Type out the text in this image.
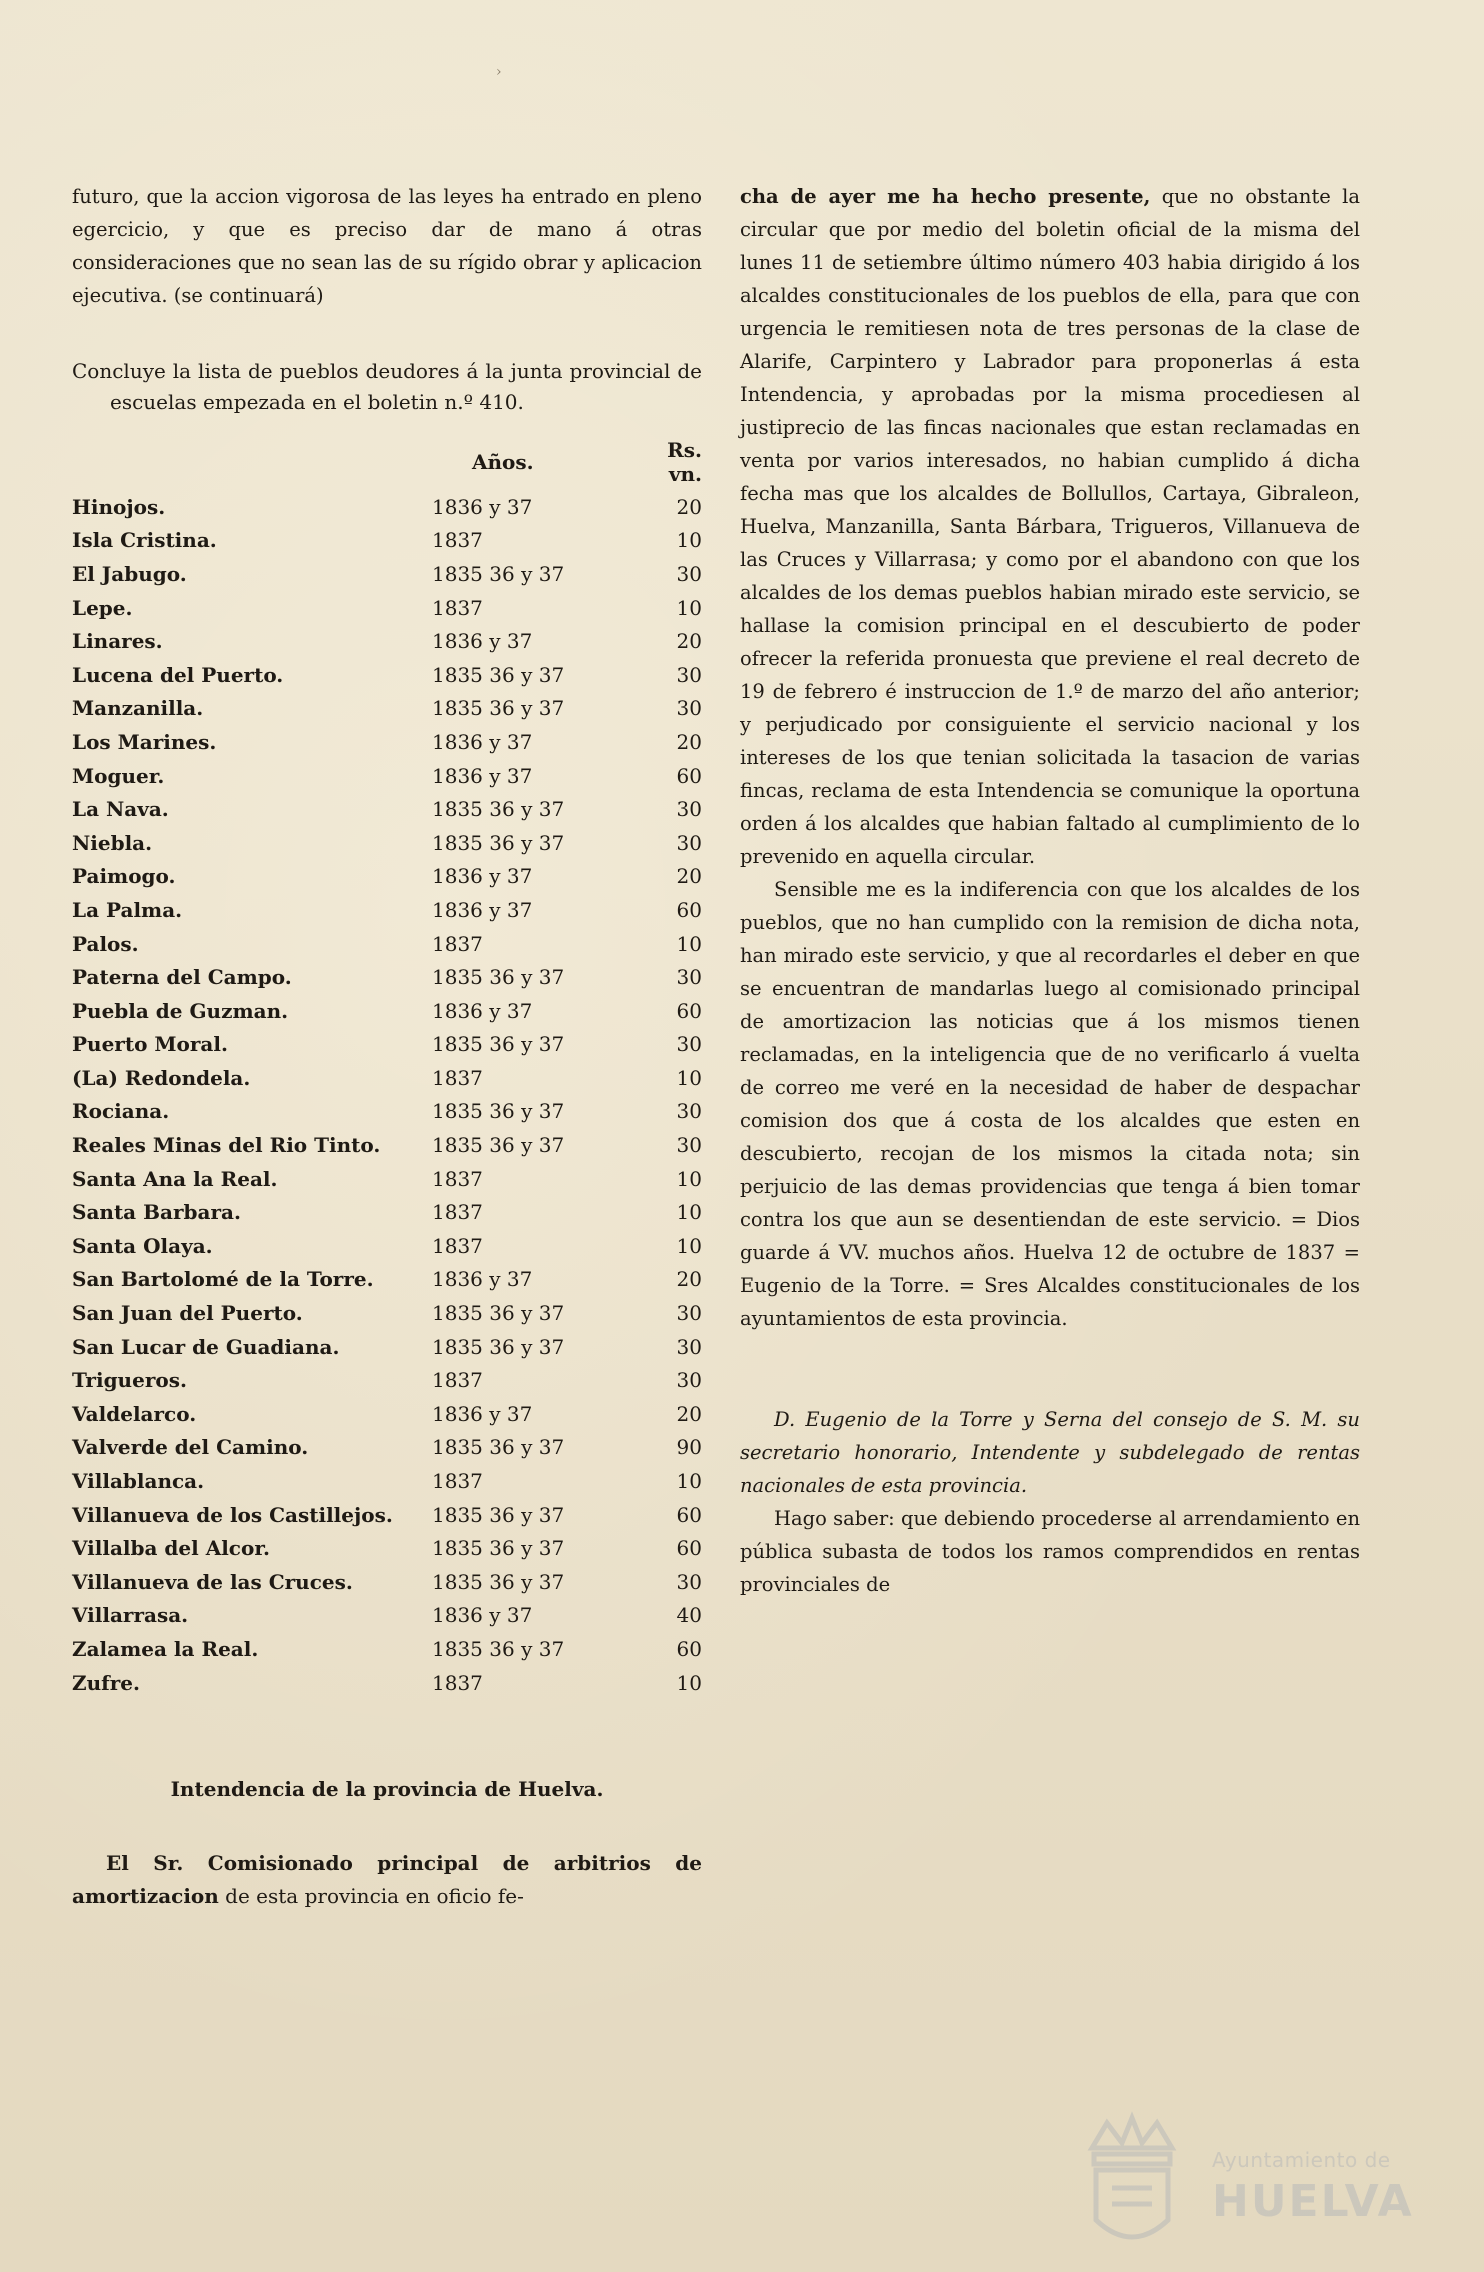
›

futuro, que la accion vigorosa de las leyes ha entrado en pleno egercicio, y que es preciso dar de mano á otras consideraciones que no sean las de su rígido obrar y aplicacion ejecutiva. (se continuará)

Concluye la lista de pueblos deudores á la junta provincial de escuelas empezada en el boletin n.º 410.

	Años.	Rs. vn.
Hinojos.	1836 y 37	20
Isla Cristina.	1837	10
El Jabugo.	1835 36 y 37	30
Lepe.	1837	10
Linares.	1836 y 37	20
Lucena del Puerto.	1835 36 y 37	30
Manzanilla.	1835 36 y 37	30
Los Marines.	1836 y 37	20
Moguer.	1836 y 37	60
La Nava.	1835 36 y 37	30
Niebla.	1835 36 y 37	30
Paimogo.	1836 y 37	20
La Palma.	1836 y 37	60
Palos.	1837	10
Paterna del Campo.	1835 36 y 37	30
Puebla de Guzman.	1836 y 37	60
Puerto Moral.	1835 36 y 37	30
(La) Redondela.	1837	10
Rociana.	1835 36 y 37	30
Reales Minas del Rio Tinto.	1835 36 y 37	30
Santa Ana la Real.	1837	10
Santa Barbara.	1837	10
Santa Olaya.	1837	10
San Bartolomé de la Torre.	1836 y 37	20
San Juan del Puerto.	1835 36 y 37	30
San Lucar de Guadiana.	1835 36 y 37	30
Trigueros.	1837	30
Valdelarco.	1836 y 37	20
Valverde del Camino.	1835 36 y 37	90
Villablanca.	1837	10
Villanueva de los Castillejos.	1835 36 y 37	60
Villalba del Alcor.	1835 36 y 37	60
Villanueva de las Cruces.	1835 36 y 37	30
Villarrasa.	1836 y 37	40
Zalamea la Real.	1835 36 y 37	60
Zufre.	1837	10

Intendencia de la provincia de Huelva.

El Sr. Comisionado principal de arbitrios de amortizacion de esta provincia en oficio fe-

cha de ayer me ha hecho presente, que no obstante la circular que por medio del boletin oficial de la misma del lunes 11 de setiembre último número 403 habia dirigido á los alcaldes constitucionales de los pueblos de ella, para que con urgencia le remitiesen nota de tres personas de la clase de Alarife, Carpintero y Labrador para proponerlas á esta Intendencia, y aprobadas por la misma procediesen al justiprecio de las fincas nacionales que estan reclamadas en venta por varios interesados, no habian cumplido á dicha fecha mas que los alcaldes de Bollullos, Cartaya, Gibraleon, Huelva, Manzanilla, Santa Bárbara, Trigueros, Villanueva de las Cruces y Villarrasa; y como por el abandono con que los alcaldes de los demas pueblos habian mirado este servicio, se hallase la comision principal en el descubierto de poder ofrecer la referida pronuesta que previene el real decreto de 19 de febrero é instruccion de 1.º de marzo del año anterior; y perjudicado por consiguiente el servicio nacional y los intereses de los que tenian solicitada la tasacion de varias fincas, reclama de esta Intendencia se comunique la oportuna orden á los alcaldes que habian faltado al cumplimiento de lo prevenido en aquella circular.

Sensible me es la indiferencia con que los alcaldes de los pueblos, que no han cumplido con la remision de dicha nota, han mirado este servicio, y que al recordarles el deber en que se encuentran de mandarlas luego al comisionado principal de amortizacion las noticias que á los mismos tienen reclamadas, en la inteligencia que de no verificarlo á vuelta de correo me veré en la necesidad de haber de despachar comision dos que á costa de los alcaldes que esten en descubierto, recojan de los mismos la citada nota; sin perjuicio de las demas providencias que tenga á bien tomar contra los que aun se desentiendan de este servicio. = Dios guarde á VV. muchos años. Huelva 12 de octubre de 1837 = Eugenio de la Torre. = Sres Alcaldes constitucionales de los ayuntamientos de esta provincia.

D. Eugenio de la Torre y Serna del consejo de S. M. su secretario honorario, Intendente y subdelegado de rentas nacionales de esta provincia.

Hago saber: que debiendo procederse al arrendamiento en pública subasta de todos los ramos comprendidos en rentas provinciales de

Ayuntamiento de
HUELVA
